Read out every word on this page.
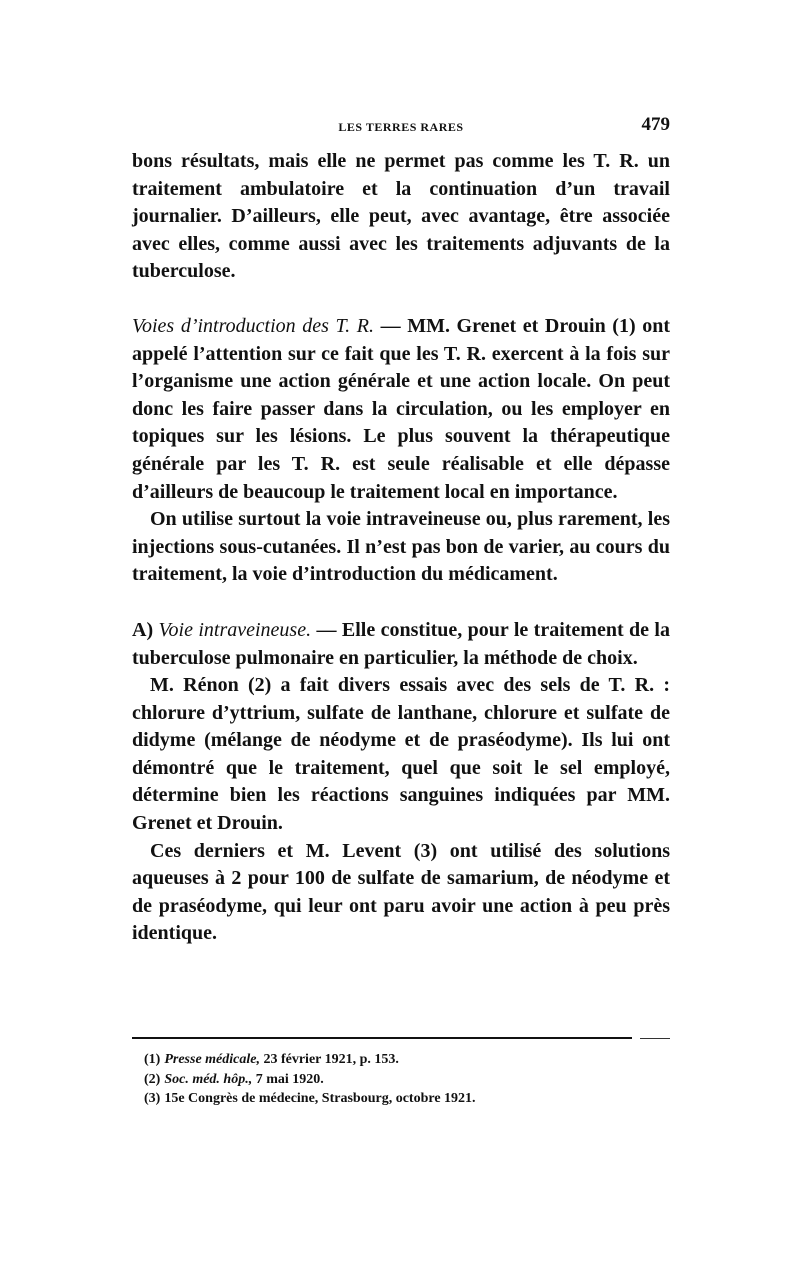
LES TERRES RARES	479

bons résultats, mais elle ne permet pas comme les T. R. un traitement ambulatoire et la continuation d’un travail journalier. D’ailleurs, elle peut, avec avantage, être associée avec elles, comme aussi avec les traitements adjuvants de la tuberculose.

Voies d’introduction des T. R. — MM. Grenet et Drouin (1) ont appelé l’attention sur ce fait que les T. R. exercent à la fois sur l’organisme une action générale et une action locale. On peut donc les faire passer dans la circulation, ou les employer en topiques sur les lésions. Le plus souvent la thérapeutique générale par les T. R. est seule réalisable et elle dépasse d’ailleurs de beaucoup le traitement local en importance.

On utilise surtout la voie intraveineuse ou, plus rarement, les injections sous-cutanées. Il n’est pas bon de varier, au cours du traitement, la voie d’introduction du médicament.

A) Voie intraveineuse. — Elle constitue, pour le traitement de la tuberculose pulmonaire en particulier, la méthode de choix.

M. Rénon (2) a fait divers essais avec des sels de T. R. : chlorure d’yttrium, sulfate de lanthane, chlorure et sulfate de didyme (mélange de néodyme et de praséodyme). Ils lui ont démontré que le traitement, quel que soit le sel employé, détermine bien les réactions sanguines indiquées par MM. Grenet et Drouin.

Ces derniers et M. Levent (3) ont utilisé des solutions aqueuses à 2 pour 100 de sulfate de samarium, de néodyme et de praséodyme, qui leur ont paru avoir une action à peu près identique.

(1) Presse médicale, 23 février 1921, p. 153.

(2) Soc. méd. hôp., 7 mai 1920.

(3) 15e Congrès de médecine, Strasbourg, octobre 1921.
